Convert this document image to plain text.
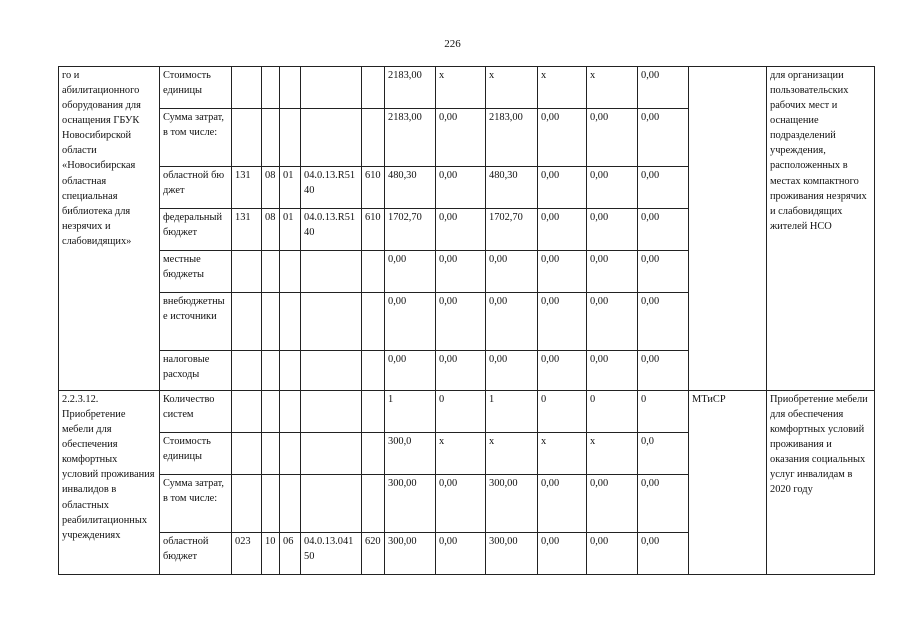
226
го и абилитационного оборудования для оснащения ГБУК Новосибирской области «Новосибирская областная специальная библиотека для незрячих и слабовидящих»	Стоимость единицы						2183,00	х	х	х	х	0,00		для организации пользовательских рабочих мест и оснащение подразделений учреждения, расположенных в местах компактного проживания незрячих и слабовидящих жителей НСО
	Сумма затрат, в том числе:						2183,00	0,00	2183,00	0,00	0,00	0,00		
	областной бюджет	131	08	01	04.0.13.R5140	610	480,30	0,00	480,30	0,00	0,00	0,00		
	федеральный бюджет	131	08	01	04.0.13.R5140	610	1702,70	0,00	1702,70	0,00	0,00	0,00		
	местные бюджеты						0,00	0,00	0,00	0,00	0,00	0,00		
	внебюджетные источники						0,00	0,00	0,00	0,00	0,00	0,00		
	налоговые расходы						0,00	0,00	0,00	0,00	0,00	0,00		
2.2.3.12. Приобретение мебели для обеспечения комфортных условий проживания инвалидов в областных реабилитационных учреждениях	Количество систем						1	0	1	0	0	0	МТиСР	Приобретение мебели для обеспечения комфортных условий проживания и оказания социальных услуг инвалидам в 2020 году
	Стоимость единицы						300,0	х	х	х	х	0,0		
	Сумма затрат, в том числе:						300,00	0,00	300,00	0,00	0,00	0,00		
	областной бюджет	023	10	06	04.0.13.04150	620	300,00	0,00	300,00	0,00	0,00	0,00		
